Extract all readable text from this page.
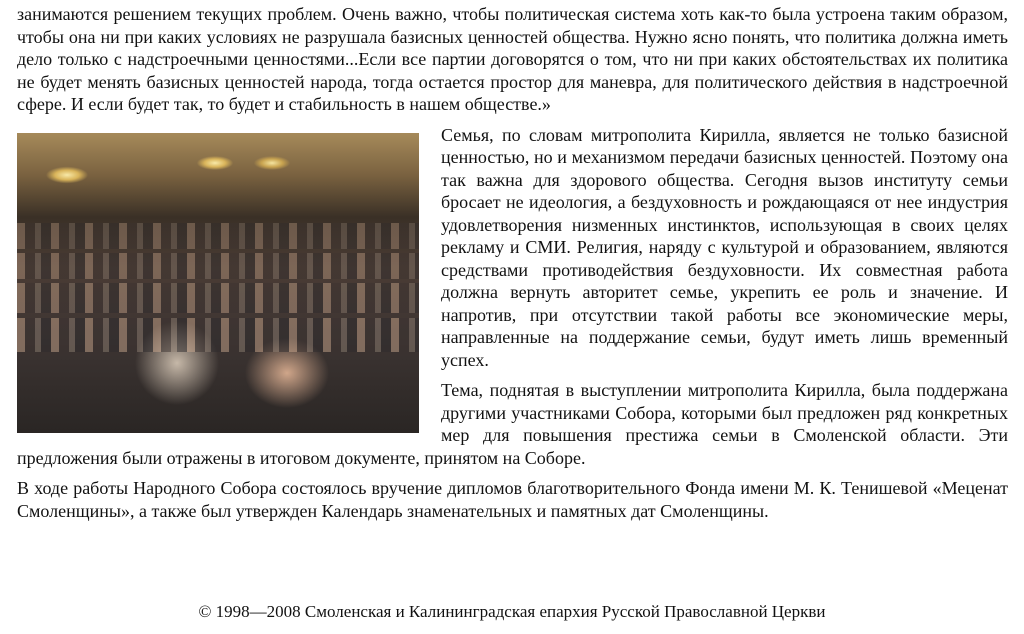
занимаются решением текущих проблем. Очень важно, чтобы политическая система хоть как-то была устроена таким образом, чтобы она ни при каких условиях не разрушала базисных ценностей общества. Нужно ясно понять, что политика должна иметь дело только с надстроечными ценностями...Если все партии договорятся о том, что ни при каких обстоятельствах их политика не будет менять базисных ценностей народа, тогда остается простор для маневра, для политического действия в надстроечной сфере. И если будет так, то будет и стабильность в нашем обществе.»

Семья, по словам митрополита Кирилла, является не только базисной ценностью, но и механизмом передачи базисных ценностей. Поэтому она так важна для здорового общества. Сегодня вызов институту семьи бросает не идеология, а бездуховность и рождающаяся от нее индустрия удовлетворения низменных инстинктов, использующая в своих целях рекламу и СМИ. Религия, наряду с культурой и образованием, являются средствами противодействия бездуховности. Их совместная работа должна вернуть авторитет семье, укрепить ее роль и значение. И напротив, при отсутствии такой работы все экономические меры, направленные на поддержание семьи, будут иметь лишь временный успех.

Тема, поднятая в выступлении митрополита Кирилла, была поддержана другими участниками Собора, которыми был предложен ряд конкретных мер для повышения престижа семьи в Смоленской области. Эти предложения были отражены в итоговом документе, принятом на Соборе.

В ходе работы Народного Собора состоялось вручение дипломов благотворительного Фонда имени М. К. Тенишевой «Меценат Смоленщины», а также был утвержден Календарь знаменательных и памятных дат Смоленщины.

© 1998—2008 Смоленская и Калининградская епархия Русской Православной Церкви
